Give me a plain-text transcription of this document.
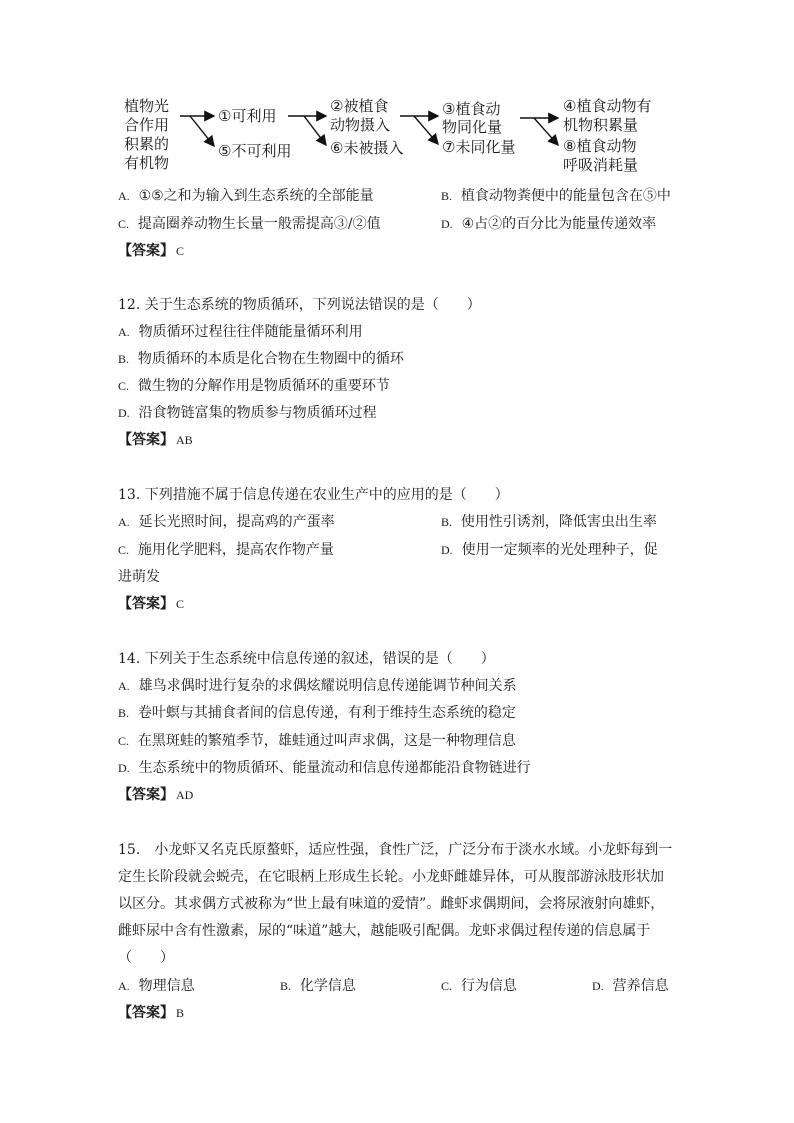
植物光
合作用
积累的
有机物
①可利用
⑤不可利用
②被植食
动物摄入
⑥未被摄入
③植食动
物同化量
⑦未同化量
④植食动物有
机物积累量
⑧植食动物
呼吸消耗量
A. ①⑤之和为输入到生态系统的全部能量	B. 植食动物粪便中的能量包含在⑤中
C. 提高圈养动物生长量一般需提高③/②值	D. ④占②的百分比为能量传递效率
【答案】 C
12. 关于生态系统的物质循环，下列说法错误的是（　　）
A. 物质循环过程往往伴随能量循环利用
B. 物质循环的本质是化合物在生物圈中的循环
C. 微生物的分解作用是物质循环的重要环节
D. 沿食物链富集的物质参与物质循环过程
【答案】 AB
13. 下列措施不属于信息传递在农业生产中的应用的是（　　）
A. 延长光照时间，提高鸡的产蛋率	B. 使用性引诱剂，降低害虫出生率
C. 施用化学肥料，提高农作物产量	D. 使用一定频率的光处理种子，促
进萌发
【答案】 C
14. 下列关于生态系统中信息传递的叙述，错误的是（　　）
A. 雄鸟求偶时进行复杂的求偶炫耀说明信息传递能调节种间关系
B. 卷叶螟与其捕食者间的信息传递，有利于维持生态系统的稳定
C. 在黑斑蛙的繁殖季节，雄蛙通过叫声求偶，这是一种物理信息
D. 生态系统中的物质循环、能量流动和信息传递都能沿食物链进行
【答案】 AD
15.　小龙虾又名克氏原螯虾，适应性强，食性广泛，广泛分布于淡水水域。小龙虾每到一
定生长阶段就会蜕壳，在它眼柄上形成生长轮。小龙虾雌雄异体，可从腹部游泳肢形状加
以区分。其求偶方式被称为“世上最有味道的爱情”。雌虾求偶期间，会将尿液射向雄虾，
雌虾尿中含有性激素，尿的“味道”越大，越能吸引配偶。龙虾求偶过程传递的信息属于
（　　）
A. 物理信息	B. 化学信息	C. 行为信息	D. 营养信息
【答案】 B
